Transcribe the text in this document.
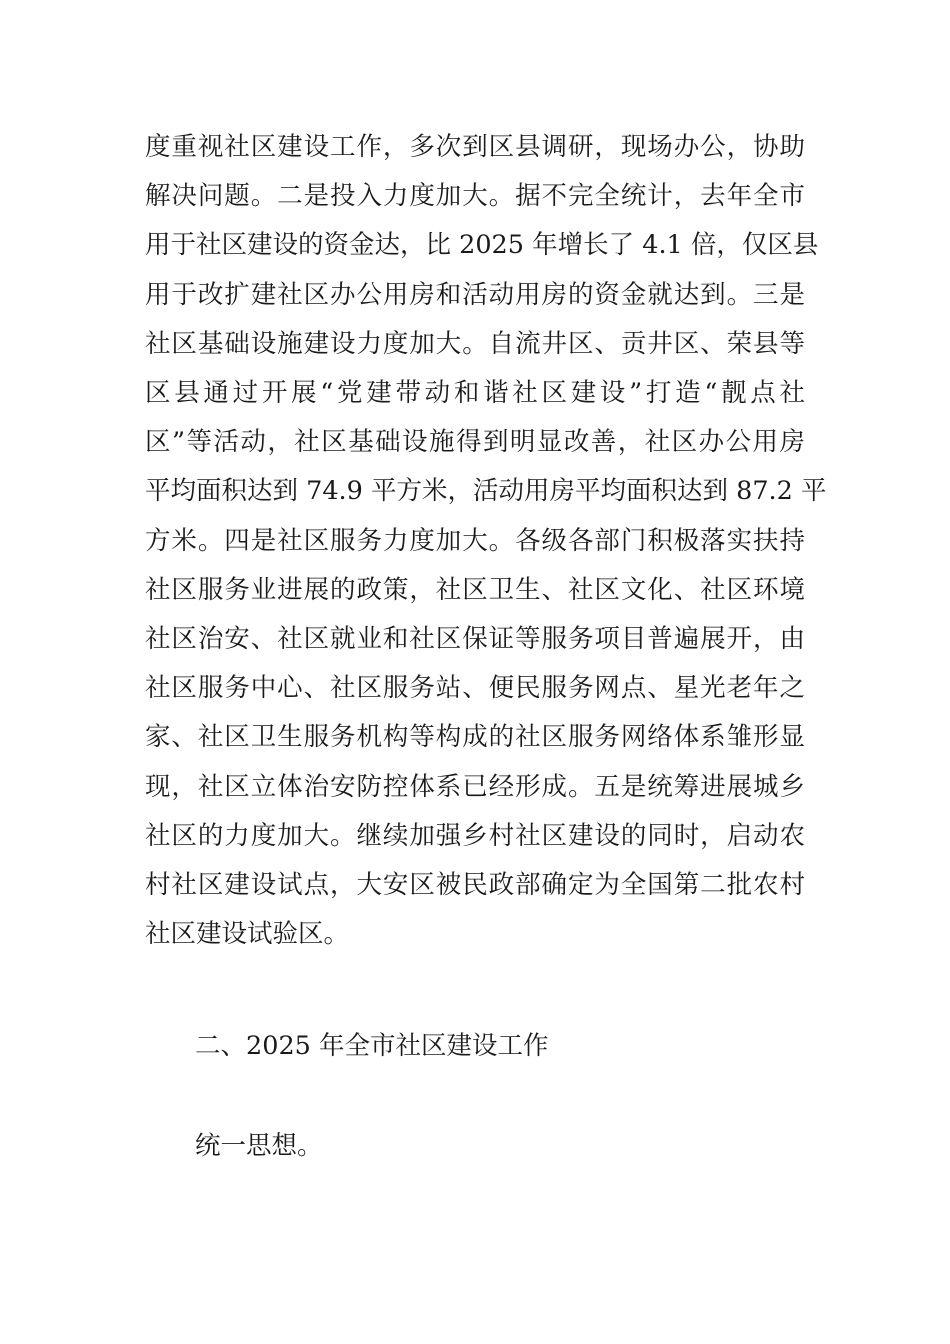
度重视社区建设工作，多次到区县调研，现场办公，协助
解决问题。二是投入力度加大。据不完全统计，去年全市
用于社区建设的资金达，比 2025 年增长了 4.1 倍，仅区县
用于改扩建社区办公用房和活动用房的资金就达到。三是
社区基础设施建设力度加大。自流井区、贡井区、荣县等
区县通过开展“党建带动和谐社区建设”打造“靓点社
区”等活动，社区基础设施得到明显改善，社区办公用房
平均面积达到 74.9 平方米，活动用房平均面积达到 87.2 平
方米。四是社区服务力度加大。各级各部门积极落实扶持
社区服务业进展的政策，社区卫生、社区文化、社区环境
社区治安、社区就业和社区保证等服务项目普遍展开，由
社区服务中心、社区服务站、便民服务网点、星光老年之
家、社区卫生服务机构等构成的社区服务网络体系雏形显
现，社区立体治安防控体系已经形成。五是统筹进展城乡
社区的力度加大。继续加强乡村社区建设的同时，启动农
村社区建设试点，大安区被民政部确定为全国第二批农村
社区建设试验区。
二、2025 年全市社区建设工作

统一思想。
